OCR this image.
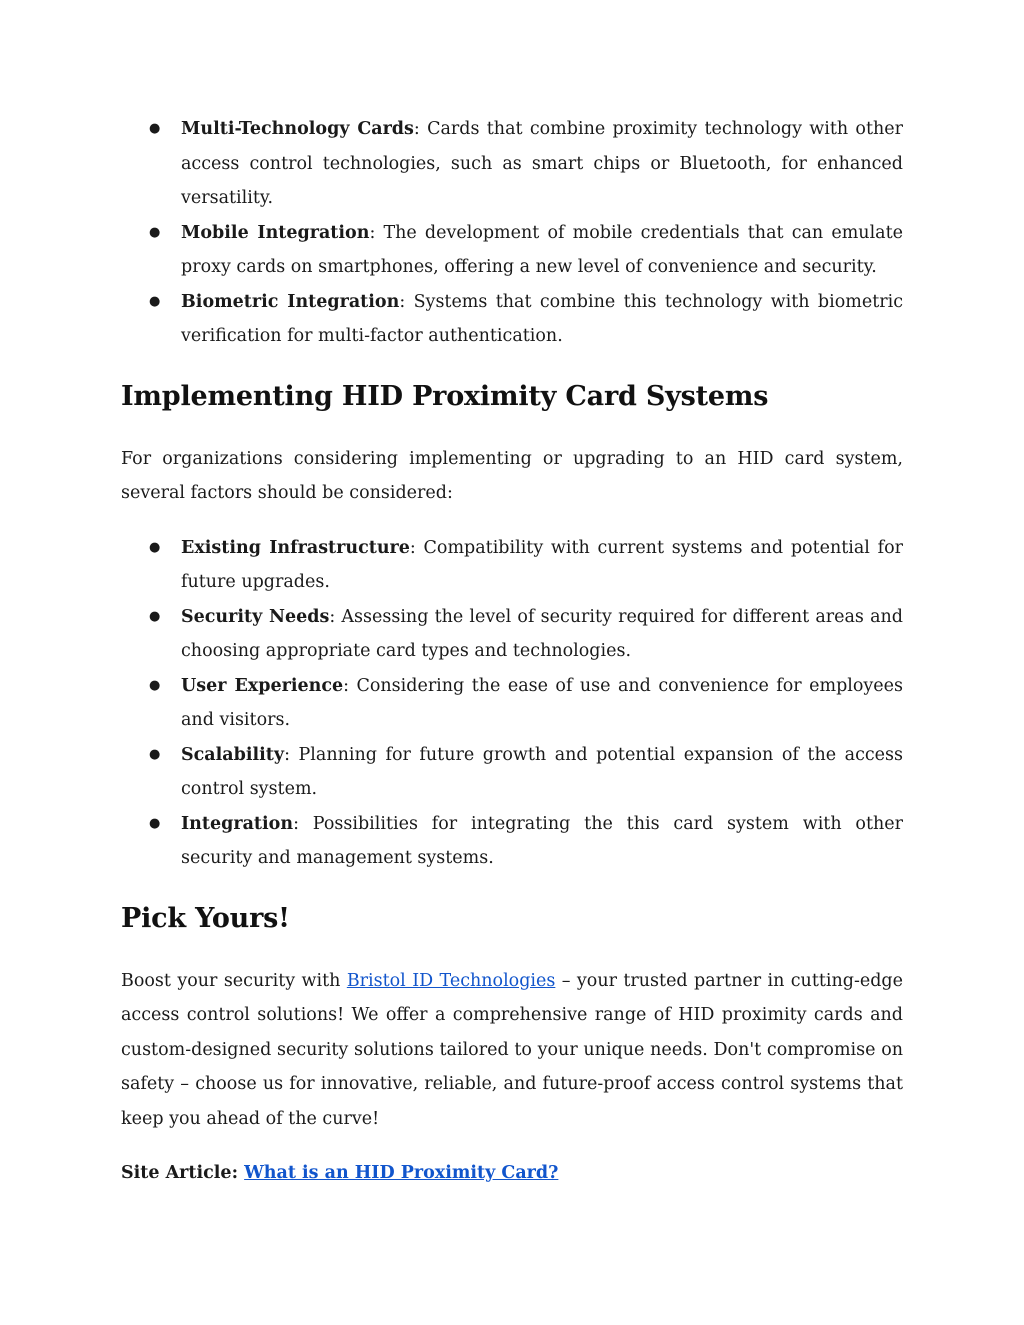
● Multi-Technology Cards: Cards that combine proximity technology with other access control technologies, such as smart chips or Bluetooth, for enhanced versatility.
● Mobile Integration: The development of mobile credentials that can emulate proxy cards on smartphones, offering a new level of convenience and security.
● Biometric Integration: Systems that combine this technology with biometric verification for multi-factor authentication.
Implementing HID Proximity Card Systems

For organizations considering implementing or upgrading to an HID card system, several factors should be considered:

● Existing Infrastructure: Compatibility with current systems and potential for future upgrades.
● Security Needs: Assessing the level of security required for different areas and choosing appropriate card types and technologies.
● User Experience: Considering the ease of use and convenience for employees and visitors.
● Scalability: Planning for future growth and potential expansion of the access control system.
● Integration: Possibilities for integrating the this card system with other security and management systems.
Pick Yours!

Boost your security with Bristol ID Technologies – your trusted partner in cutting-edge access control solutions! We offer a comprehensive range of HID proximity cards and custom-designed security solutions tailored to your unique needs. Don't compromise on safety – choose us for innovative, reliable, and future-proof access control systems that keep you ahead of the curve!

Site Article: What is an HID Proximity Card?
